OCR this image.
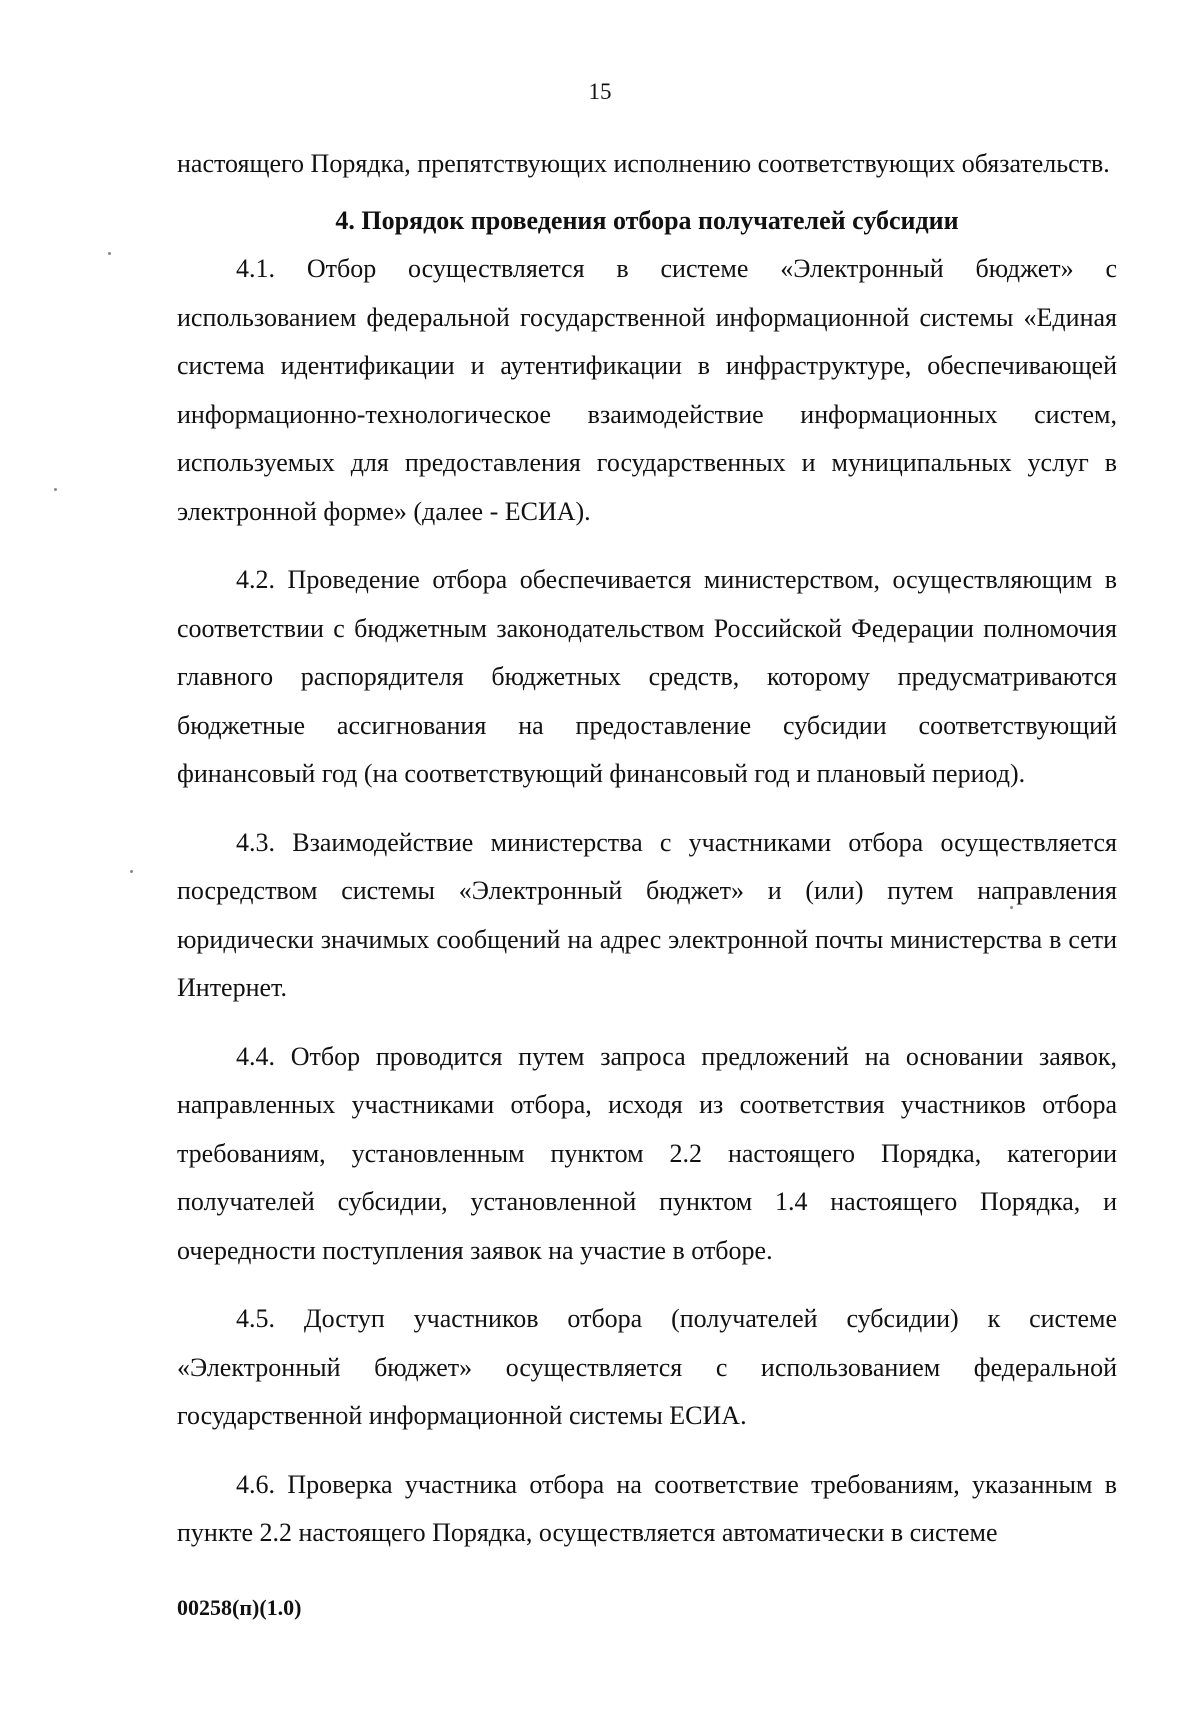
15

настоящего Порядка, препятствующих исполнению соответствующих обязательств.

4. Порядок проведения отбора получателей субсидии

4.1. Отбор осуществляется в системе «Электронный бюджет» с использованием федеральной государственной информационной системы «Единая система идентификации и аутентификации в инфраструктуре, обеспечивающей информационно-технологическое взаимодействие информационных систем, используемых для предоставления государственных и муниципальных услуг в электронной форме» (далее - ЕСИА).

4.2. Проведение отбора обеспечивается министерством, осуществляющим в соответствии с бюджетным законодательством Российской Федерации полномочия главного распорядителя бюджетных средств, которому предусматриваются бюджетные ассигнования на предоставление субсидии соответствующий финансовый год (на соответствующий финансовый год и плановый период).

4.3. Взаимодействие министерства с участниками отбора осуществляется посредством системы «Электронный бюджет» и (или) путем направления юридически значимых сообщений на адрес электронной почты министерства в сети Интернет.

4.4. Отбор проводится путем запроса предложений на основании заявок, направленных участниками отбора, исходя из соответствия участников отбора требованиям, установленным пунктом 2.2 настоящего Порядка, категории получателей субсидии, установленной пунктом 1.4 настоящего Порядка, и очередности поступления заявок на участие в отборе.

4.5. Доступ участников отбора (получателей субсидии) к системе «Электронный бюджет» осуществляется с использованием федеральной государственной информационной системы ЕСИА.

4.6. Проверка участника отбора на соответствие требованиям, указанным в пункте 2.2 настоящего Порядка, осуществляется автоматически в системе

00258(п)(1.0)
